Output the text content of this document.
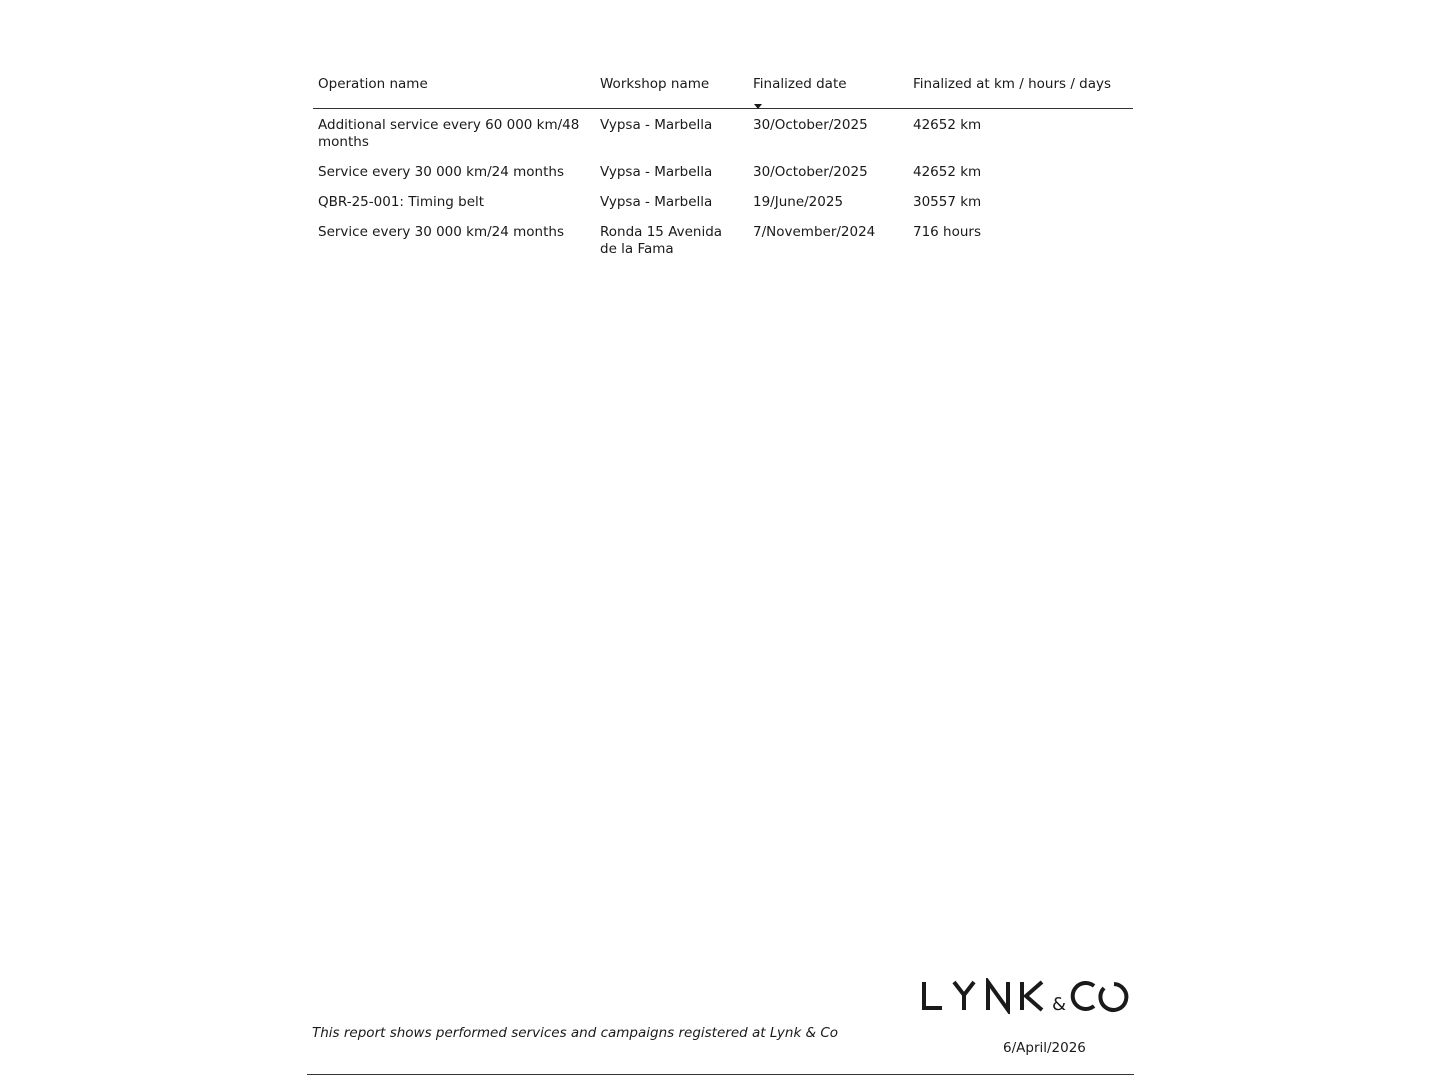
Operation name	Workshop name	Finalized date	Finalized at km / hours / days
Additional service every 60 000 km/48 months	Vypsa - Marbella	30/October/2025	42652 km
Service every 30 000 km/24 months	Vypsa - Marbella	30/October/2025	42652 km
QBR-25-001: Timing belt	Vypsa - Marbella	19/June/2025	30557 km
Service every 30 000 km/24 months	Ronda 15 Avenida de la Fama	7/November/2024	716 hours
&
This report shows performed services and campaigns registered at Lynk & Co
6/April/2026
